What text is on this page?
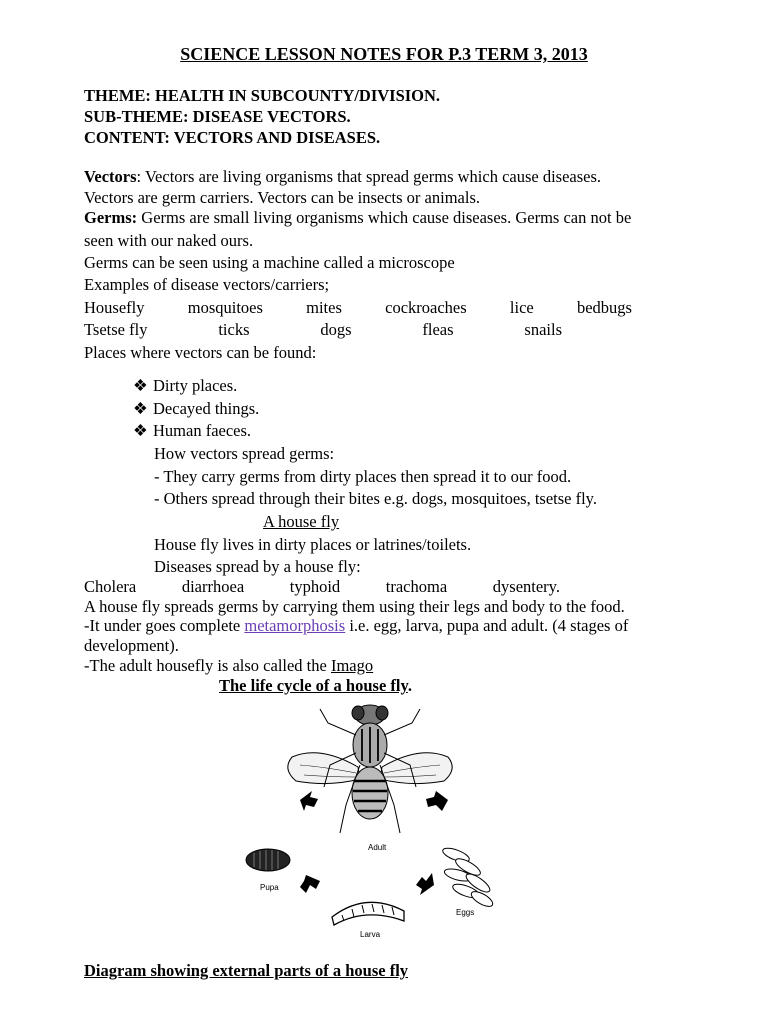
SCIENCE LESSON NOTES FOR P.3 TERM 3, 2013
THEME: HEALTH IN SUBCOUNTY/DIVISION.
SUB-THEME: DISEASE VECTORS.
CONTENT: VECTORS AND DISEASES.
Vectors: Vectors are living organisms that spread germs which cause diseases.
Vectors are germ carriers. Vectors can be insects or animals.
Germs: Germs are small living organisms which cause diseases. Germs can not be
seen with our naked ours.
Germs can be seen using a machine called a microscope
Examples of disease vectors/carriers;
Housefly	mosquitoes	mites	cockroaches	lice	bedbugs
Tsetse fly	ticks	dogs	fleas	snails
Places where vectors can be found:
❖ Dirty places.
❖ Decayed things.
❖ Human faeces.
How vectors spread germs:
- They carry germs from dirty places then spread it to our food.
- Others spread through their bites e.g. dogs, mosquitoes, tsetse fly.
A house fly
House fly lives in dirty places or latrines/toilets.
Diseases spread by a house fly:
Cholera	diarrhoea	typhoid	trachoma	dysentery.
A house fly spreads germs by carrying them using their legs and body to the food.
-It under goes complete metamorphosis i.e. egg, larva, pupa and adult. (4 stages of
development).
-The adult housefly is also called the Imago
The life cycle of a house fly.
Adult
Pupa
Larva
Eggs
Diagram showing external parts of a house fly
